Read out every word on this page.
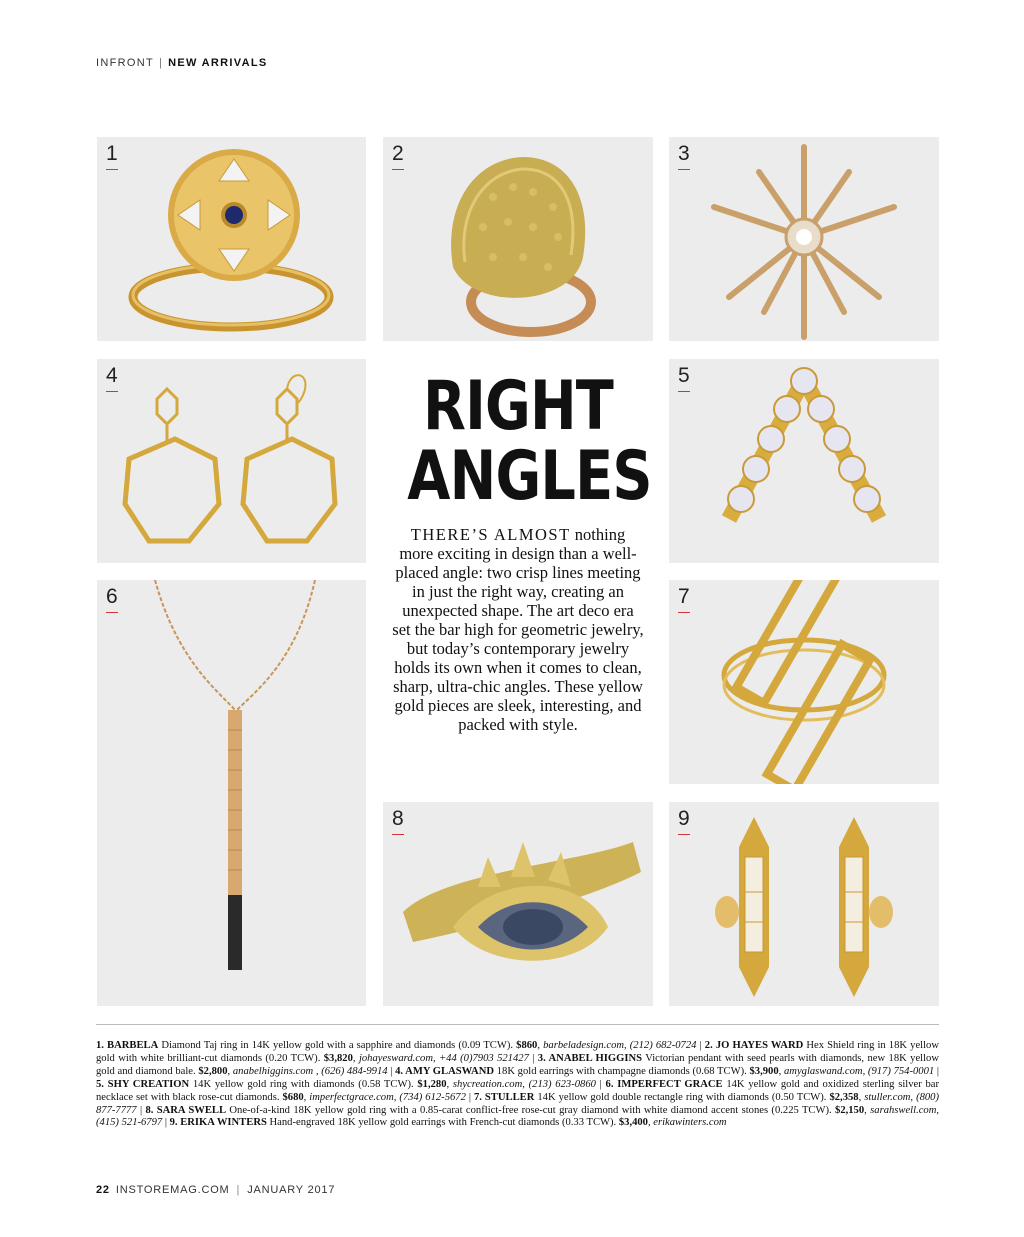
INFRONT | NEW ARRIVALS
1	2	3
4	5
6	7
8	9
RIGHT
ANGLES
THERE’S ALMOST nothing more exciting in design than a well-placed angle: two crisp lines meeting in just the right way, creating an unexpected shape. The art deco era set the bar high for geometric jewelry, but today’s contemporary jewelry holds its own when it comes to clean, sharp, ultra-chic angles. These yellow gold pieces are sleek, interesting, and packed with style.
1. BARBELA Diamond Taj ring in 14K yellow gold with a sapphire and diamonds (0.09 TCW). $860, barbeladesign.com, (212) 682-0724 | 2. JO HAYES WARD Hex Shield ring in 18K yellow gold with white brilliant-cut diamonds (0.20 TCW). $3,820, johayesward.com, +44 (0)7903 521427 | 3. ANABEL HIGGINS Victorian pendant with seed pearls with diamonds, new 18K yellow gold and diamond bale. $2,800, anabelhiggins.com , (626) 484-9914 | 4. AMY GLASWAND 18K gold earrings with champagne diamonds (0.68 TCW). $3,900, amyglaswand.com, (917) 754-0001 | 5. SHY CREATION 14K yellow gold ring with diamonds (0.58 TCW). $1,280, shycreation.com, (213) 623-0860 | 6. IMPERFECT GRACE 14K yellow gold and oxidized sterling silver bar necklace set with black rose-cut diamonds. $680, imperfectgrace.com, (734) 612-5672 | 7. STULLER 14K yellow gold double rectangle ring with diamonds (0.50 TCW). $2,358, stuller.com, (800) 877-7777 | 8. SARA SWELL One-of-a-kind 18K yellow gold ring with a 0.85-carat conflict-free rose-cut gray diamond with white diamond accent stones (0.225 TCW). $2,150, sarahswell.com, (415) 521-6797 | 9. ERIKA WINTERS Hand-engraved 18K yellow gold earrings with French-cut diamonds (0.33 TCW). $3,400, erikawinters.com
22 INSTOREMAG.COM | JANUARY 2017
